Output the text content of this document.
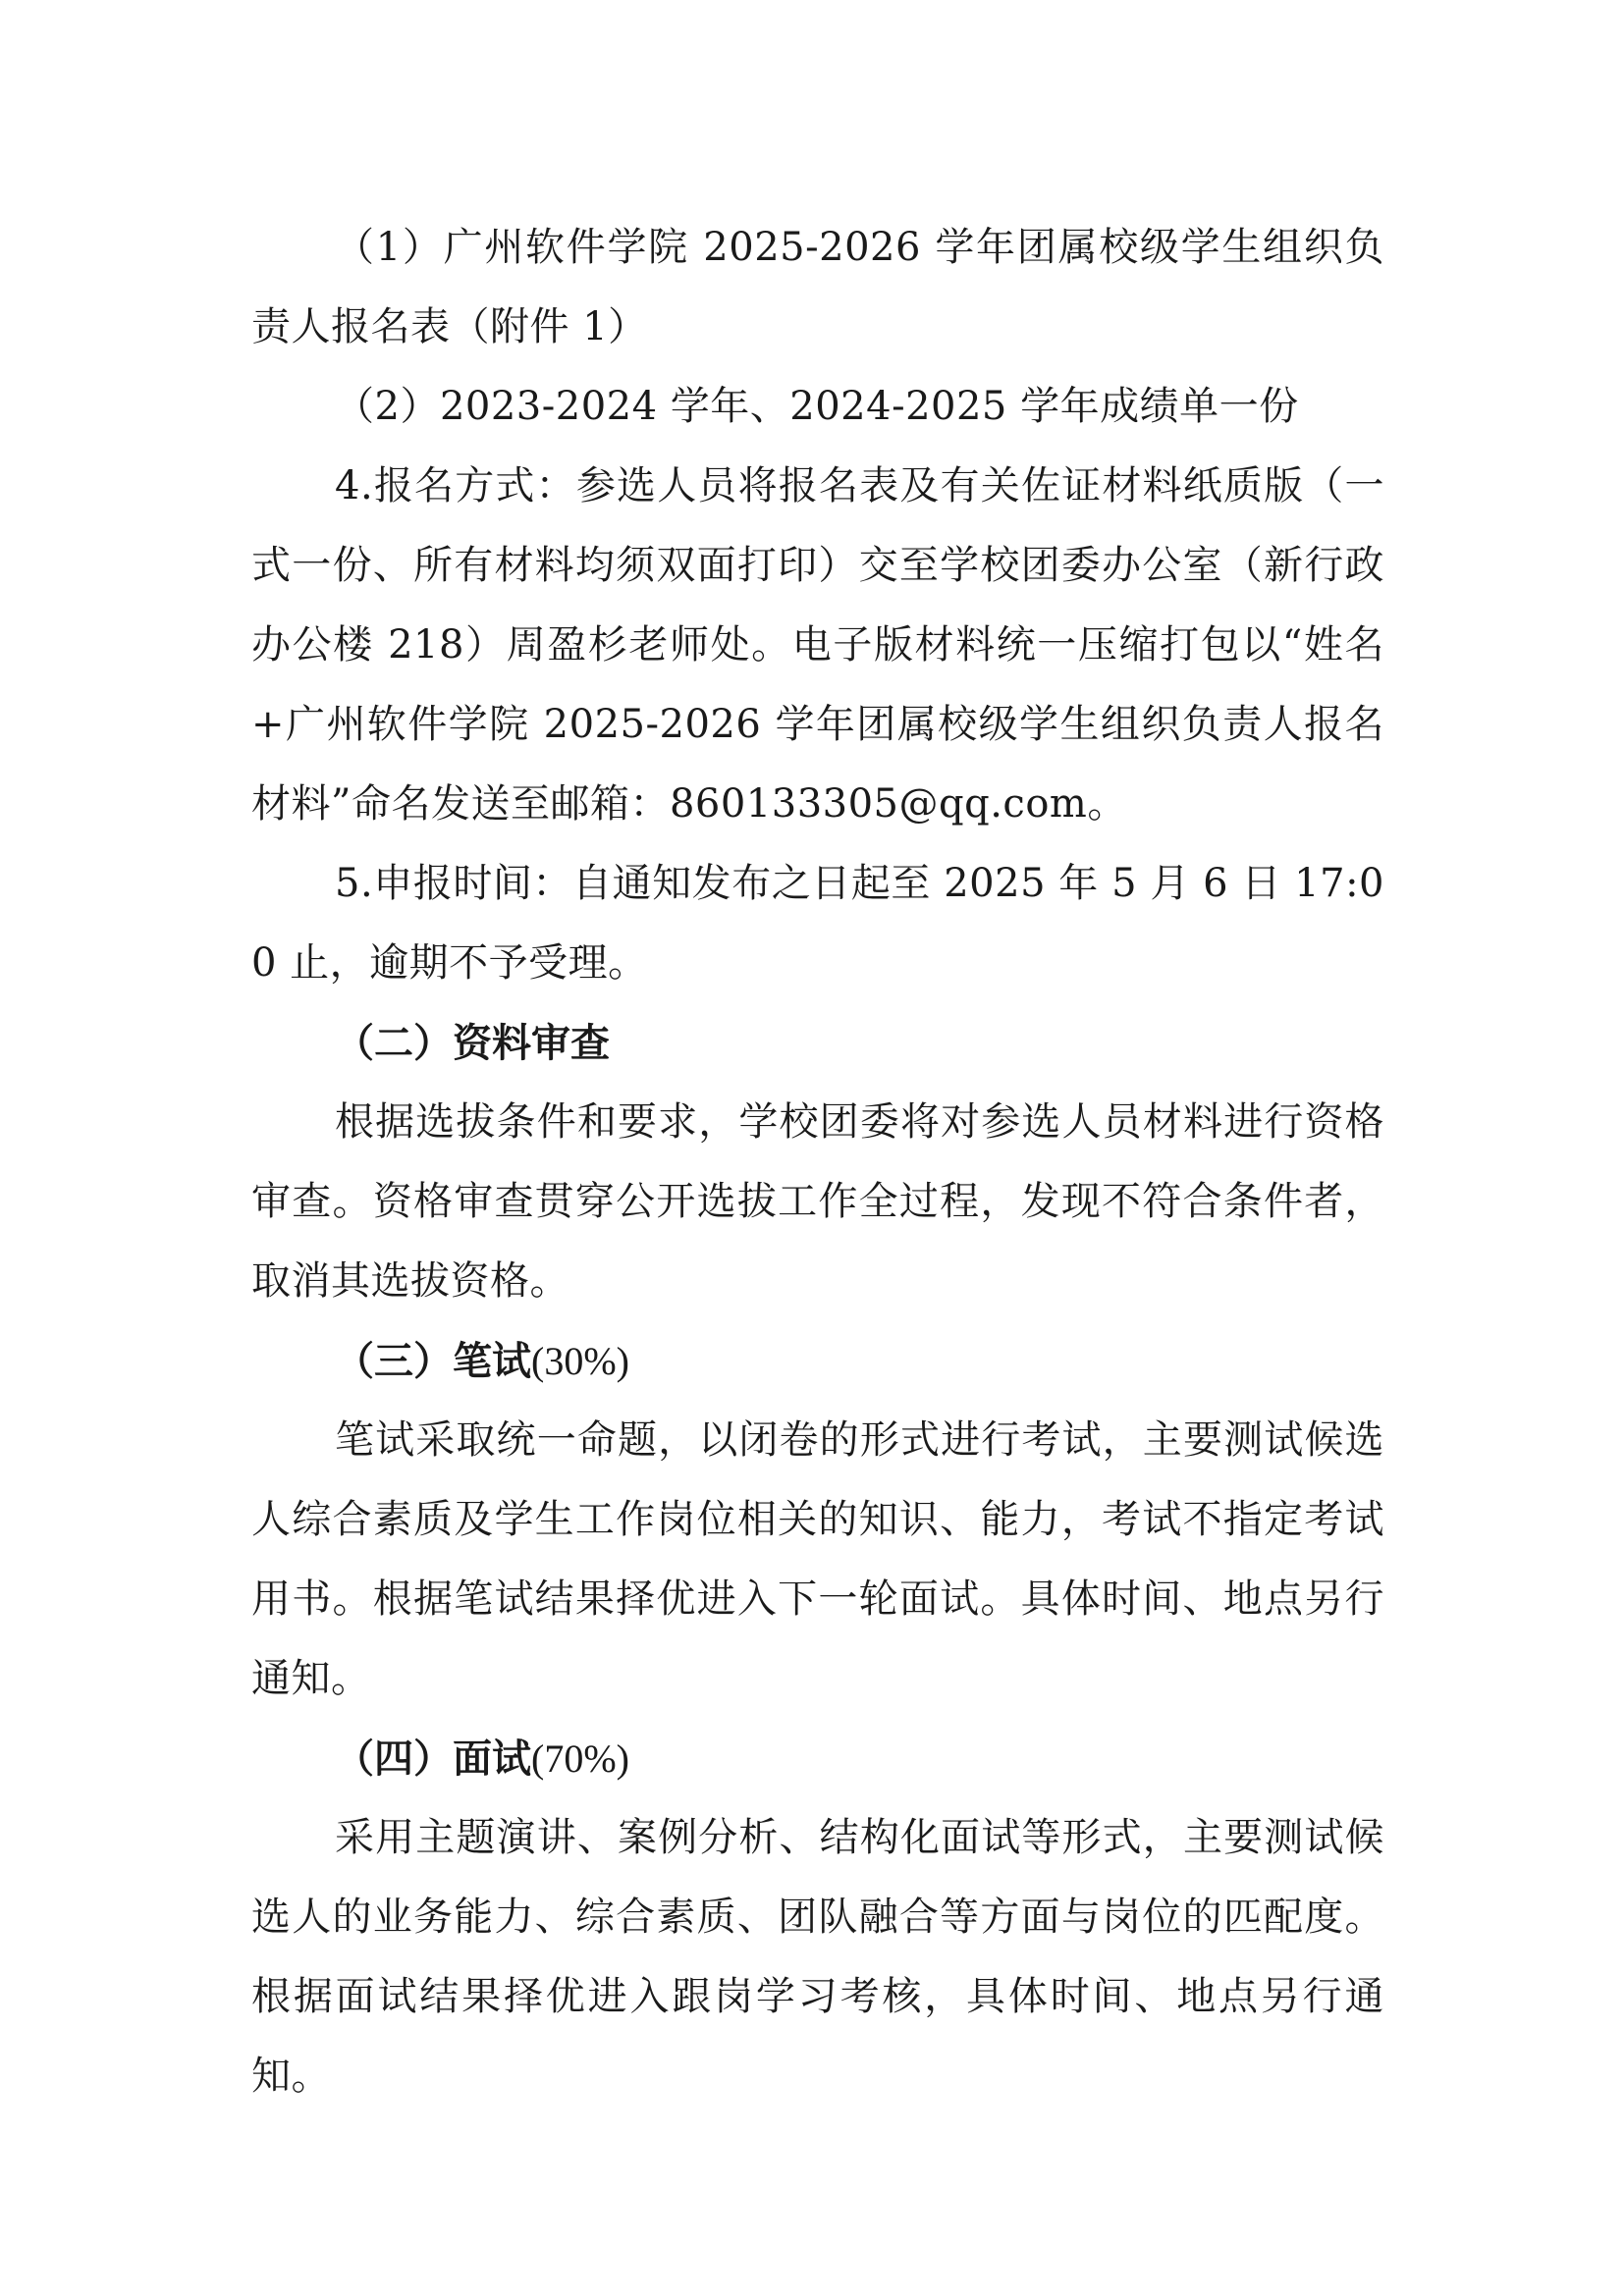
（1）广州软件学院 2025-2026 学年团属校级学生组织负责人报名表（附件 1）

（2）2023-2024 学年、2024-2025 学年成绩单一份

4.报名方式：参选人员将报名表及有关佐证材料纸质版（一式一份、所有材料均须双面打印）交至学校团委办公室（新行政办公楼 218）周盈杉老师处。电子版材料统一压缩打包以“姓名+广州软件学院 2025-2026 学年团属校级学生组织负责人报名材料”命名发送至邮箱：860133305@qq.com。

5.申报时间：自通知发布之日起至 2025 年 5 月 6 日 17:00 止，逾期不予受理。

（二）资料审查

根据选拔条件和要求，学校团委将对参选人员材料进行资格审查。资格审查贯穿公开选拔工作全过程，发现不符合条件者，取消其选拔资格。

（三）笔试(30%)

笔试采取统一命题，以闭卷的形式进行考试，主要测试候选人综合素质及学生工作岗位相关的知识、能力，考试不指定考试用书。根据笔试结果择优进入下一轮面试。具体时间、地点另行通知。

（四）面试(70%)

采用主题演讲、案例分析、结构化面试等形式，主要测试候选人的业务能力、综合素质、团队融合等方面与岗位的匹配度。根据面试结果择优进入跟岗学习考核，具体时间、地点另行通知。
